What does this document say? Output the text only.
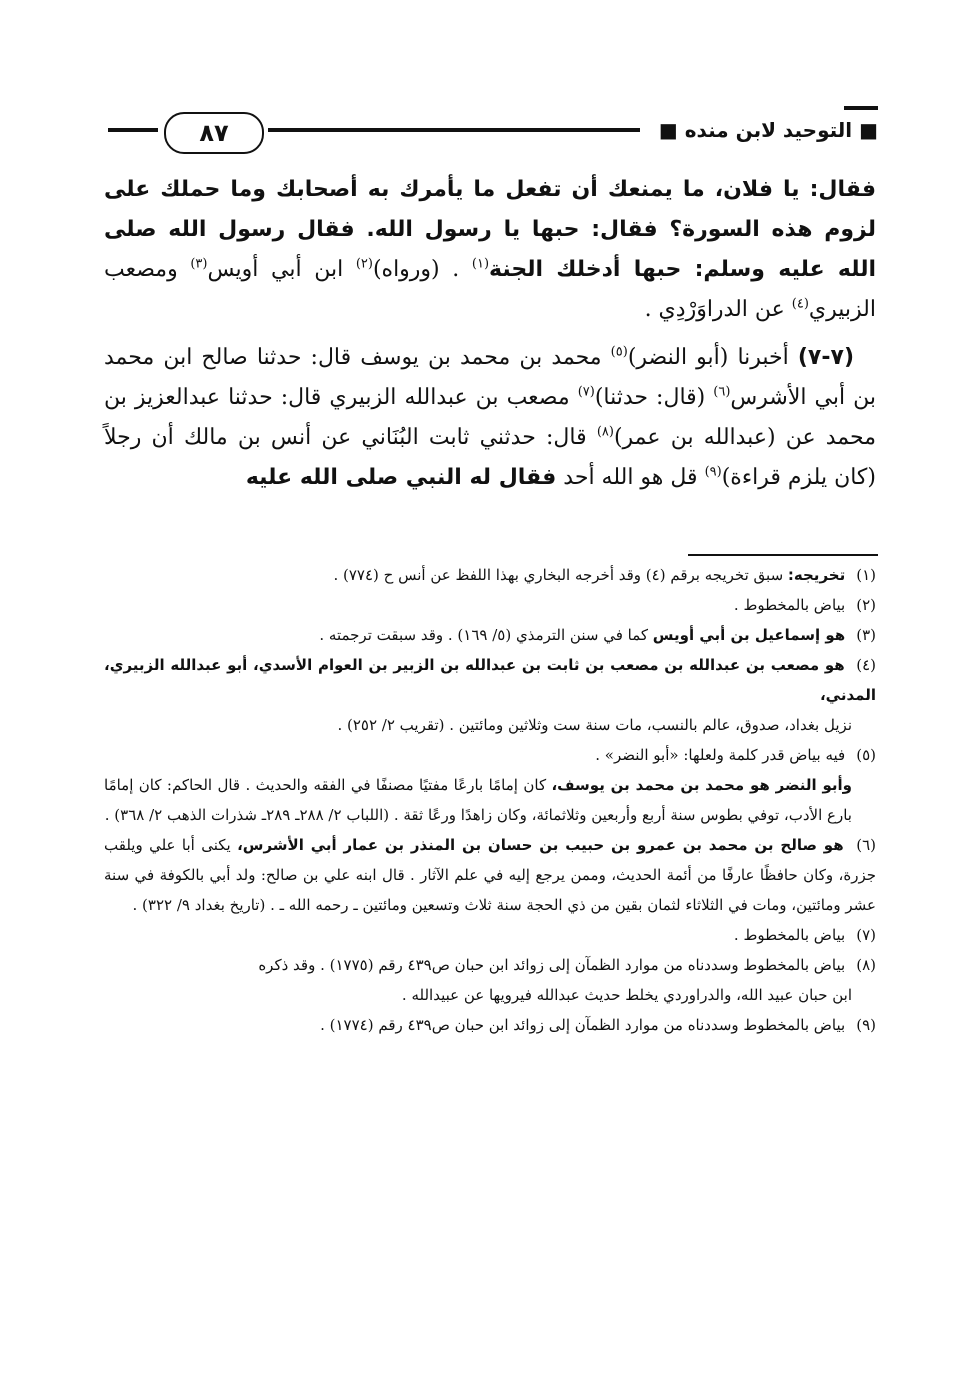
■ التوحيد لابن منده ■
٨٧

فقال: يا فلان، ما يمنعك أن تفعل ما يأمرك به أصحابك وما حملك على لزوم هذه السورة؟ فقال: حبها يا رسول الله. فقال رسول الله صلى الله عليه وسلم: حبها أدخلك الجنة$^{(١)}$ . (ورواه)$^{(٢)}$ ابن أبي أويس$^{(٣)}$ ومصعب الزبيري$^{(٤)}$ عن الدراوَرْدِي .

 (٧-٧) أخبرنا (أبو النضر)$^{(٥)}$ محمد بن محمد بن يوسف قال: حدثنا صالح ابن محمد بن أبي الأشرس$^{(٦)}$ (قال: حدثنا)$^{(٧)}$ مصعب بن عبدالله الزبيري قال: حدثنا عبدالعزيز بن محمد عن (عبدالله بن عمر)$^{(٨)}$ قال: حدثني ثابت البُنَاني عن أنس بن مالك أن رجلاً (كان يلزم قراءة)$^{(٩)}$ قل هو الله أحد فقال له النبي صلى الله عليه

(١) تخريجه: سبق تخريجه برقم (٤) وقد أخرجه البخاري بهذا اللفظ عن أنس ح (٧٧٤) .

(٢) بياض بالمخطوط .

(٣) هو إسماعيل بن أبي أويس كما في سنن الترمذي (٥/ ١٦٩) . وقد سبقت ترجمته .

(٤) هو مصعب بن عبدالله بن مصعب بن ثابت بن عبدالله بن الزبير بن العوام الأسدي، أبو عبدالله الزبيري، المدني،

نزيل بغداد، صدوق، عالم بالنسب، مات سنة ست وثلاثين ومائتين . (تقريب ٢/ ٢٥٢) .

(٥) فيه بياض قدر كلمة ولعلها: «أبو النضر» .

وأبو النضر هو محمد بن محمد بن يوسف، كان إمامًا بارعًا مفتيًا مصنفًا في الفقه والحديث . قال الحاكم: كان إمامًا بارع الأدب، توفي بطوس سنة أربع وأربعين وثلاثمائة، وكان زاهدًا ورعًا ثقة . (اللباب ٢/ ٢٨٨ـ ٢٨٩ـ شذرات الذهب ٢/ ٣٦٨) .

(٦) هو صالح بن محمد بن عمرو بن حبيب بن حسان بن المنذر بن عمار أبي الأشرس، يكنى أبا علي ويلقب جزرة، وكان حافظًا عارفًا من أئمة الحديث، وممن يرجع إليه في علم الآثار . قال ابنه علي بن صالح: ولد أبي بالكوفة في سنة عشر ومائتين، ومات في الثلاثاء لثمان بقين من ذي الحجة سنة ثلاث وتسعين ومائتين ـ رحمه الله ـ . (تاريخ بغداد ٩/ ٣٢٢) .

(٧) بياض بالمخطوط .

(٨) بياض بالمخطوط وسددناه من موارد الظمآن إلى زوائد ابن حبان ص٤٣٩ رقم (١٧٧٥) . وقد ذكره

ابن حبان عبيد الله، والدراوردي يخلط حديث عبدالله فيرويها عن عبيدالله .

(٩) بياض بالمخطوط وسددناه من موارد الظمآن إلى زوائد ابن حبان ص٤٣٩ رقم (١٧٧٤) .
